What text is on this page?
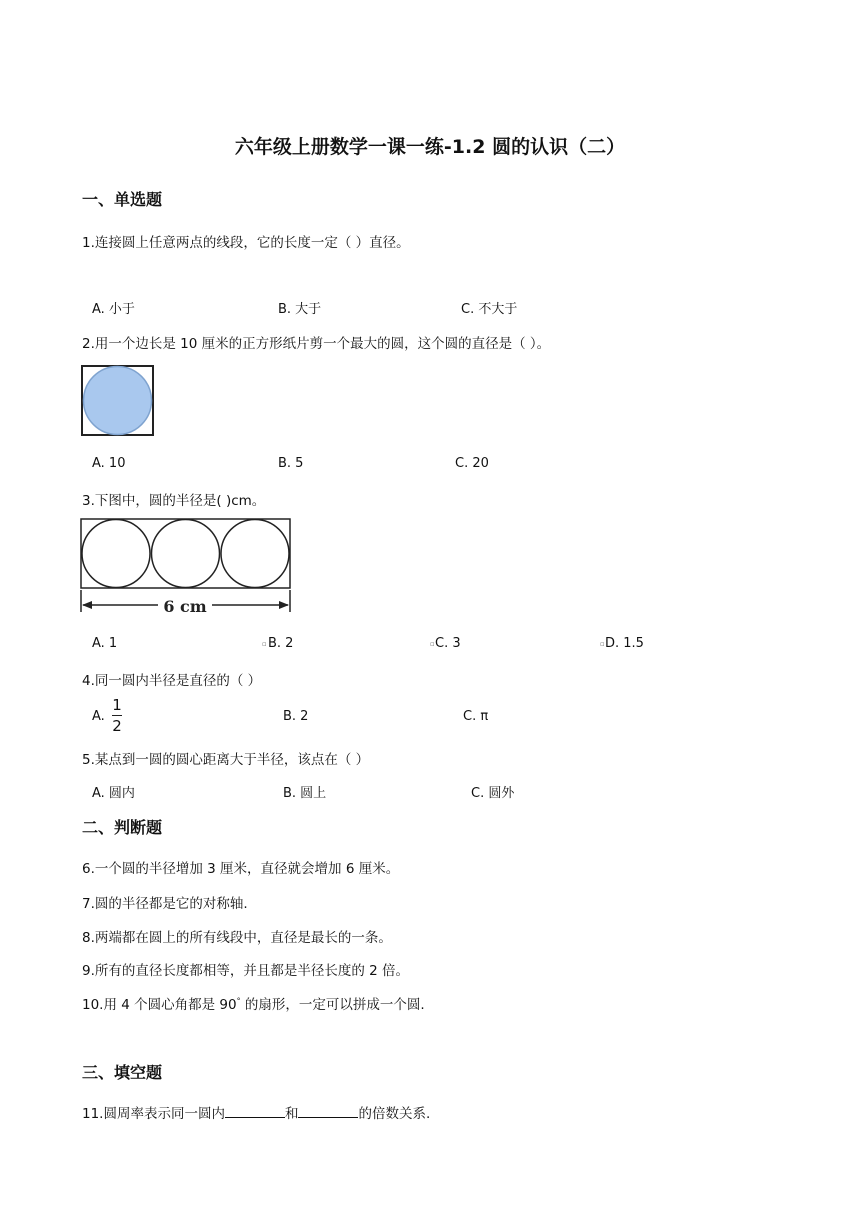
六年级上册数学一课一练-1.2 圆的认识（二）
一、单选题
1.连接圆上任意两点的线段，它的长度一定（ ）直径。
A. 小于	B. 大于	C. 不大于
2.用一个边长是 10 厘米的正方形纸片剪一个最大的圆，这个圆的直径是（ ）。
A. 10	B. 5	C. 20
3.下图中，圆的半径是( )cm。
6 cm
A. 1	▫ B. 2	▫ C. 3	▫ D. 1.5
4.同一圆内半径是直径的（ ）
A.
1
2
B. 2	C. π
5.某点到一圆的圆心距离大于半径，该点在（ ）
A. 圆内	B. 圆上	C. 圆外
二、判断题
6.一个圆的半径增加 3 厘米，直径就会增加 6 厘米。
7.圆的半径都是它的对称轴.
8.两端都在圆上的所有线段中，直径是最长的一条。
9.所有的直径长度都相等，并且都是半径长度的 2 倍。
10.用 4 个圆心角都是 90° 的扇形，一定可以拼成一个圆.
三、填空题
11.圆周率表示同一圆内	和	的倍数关系.
